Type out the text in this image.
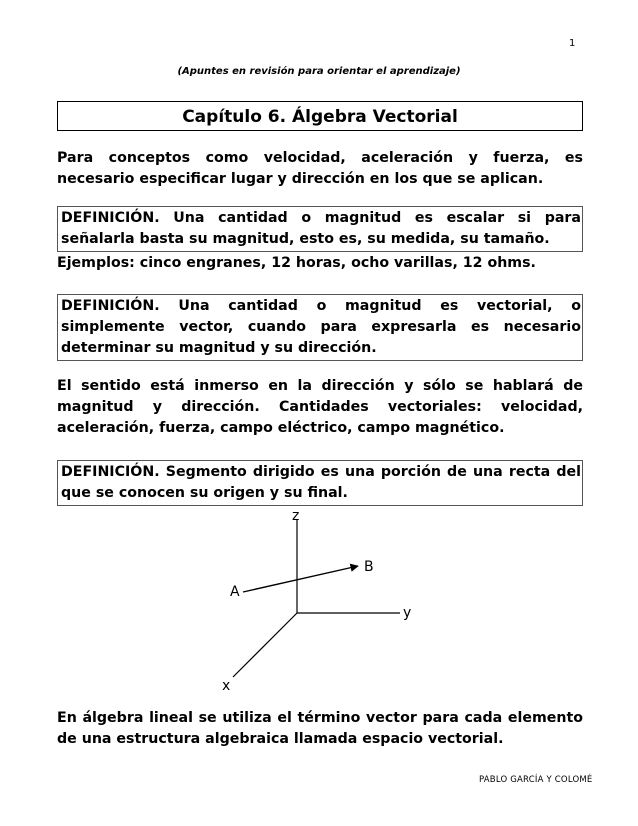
1
(Apuntes en revisión para orientar el aprendizaje)
Capítulo 6. Álgebra Vectorial
Para conceptos como velocidad, aceleración y fuerza, es necesario especificar lugar y dirección en los que se aplican.
DEFINICIÓN. Una cantidad o magnitud es escalar si para señalarla basta su magnitud, esto es, su medida, su tamaño.
Ejemplos: cinco engranes, 12 horas, ocho varillas, 12 ohms.
DEFINICIÓN. Una cantidad o magnitud es vectorial, o simplemente vector, cuando para expresarla es necesario determinar su magnitud y su dirección.
El sentido está inmerso en la dirección y sólo se hablará de magnitud y dirección. Cantidades vectoriales: velocidad, aceleración, fuerza, campo eléctrico, campo magnético.
DEFINICIÓN. Segmento dirigido es una porción de una recta del que se conocen su origen y su final.
z
y
x
A
B
En álgebra lineal se utiliza el término vector para cada elemento de una estructura algebraica llamada espacio vectorial.
PABLO GARCÍA Y COLOMÉ
